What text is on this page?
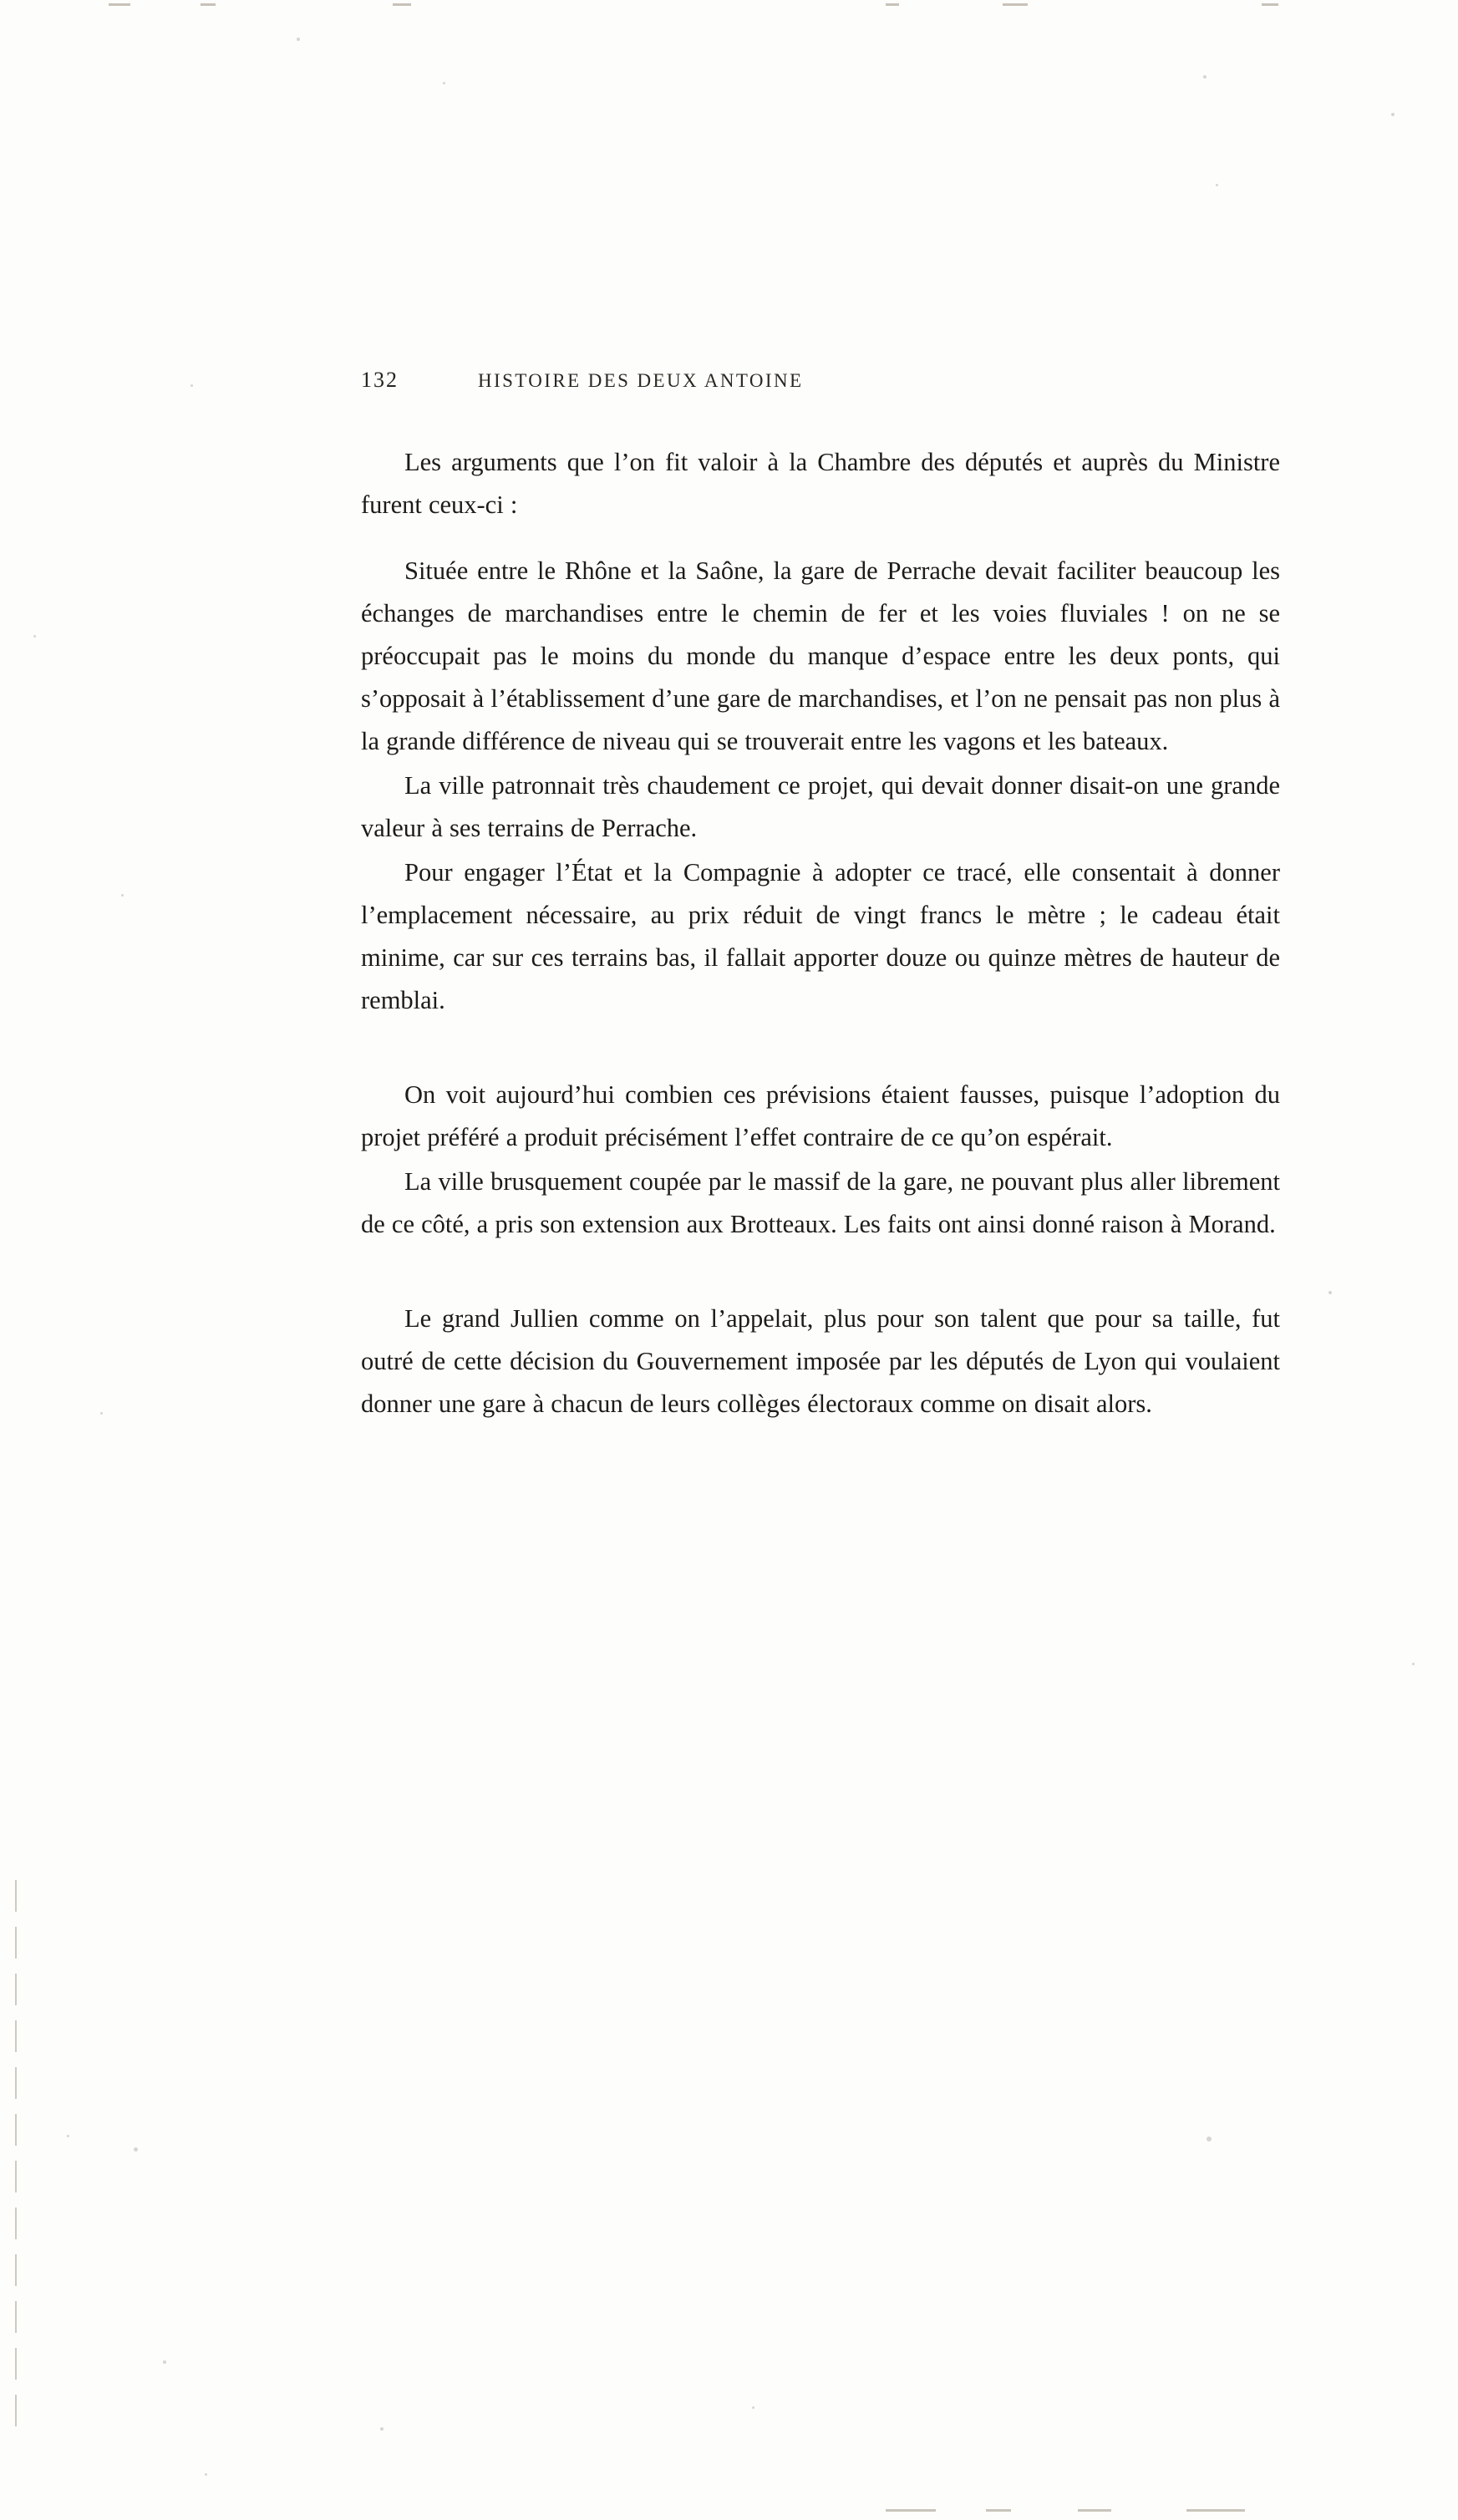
132	HISTOIRE DES DEUX ANTOINE

Les arguments que l’on fit valoir à la Chambre des députés et auprès du Ministre furent ceux-ci :

Située entre le Rhône et la Saône, la gare de Perrache devait faciliter beaucoup les échanges de marchandises entre le chemin de fer et les voies fluviales ! on ne se préoccupait pas le moins du monde du manque d’espace entre les deux ponts, qui s’opposait à l’établissement d’une gare de marchandises, et l’on ne pensait pas non plus à la grande différence de niveau qui se trouverait entre les vagons et les bateaux.

La ville patronnait très chaudement ce projet, qui devait donner disait-on une grande valeur à ses terrains de Perrache.

Pour engager l’État et la Compagnie à adopter ce tracé, elle consentait à donner l’emplacement nécessaire, au prix réduit de vingt francs le mètre ; le cadeau était minime, car sur ces terrains bas, il fallait apporter douze ou quinze mètres de hauteur de remblai.

On voit aujourd’hui combien ces prévisions étaient fausses, puisque l’adoption du projet préféré a produit précisément l’effet contraire de ce qu’on espérait.

La ville brusquement coupée par le massif de la gare, ne pouvant plus aller librement de ce côté, a pris son extension aux Brotteaux. Les faits ont ainsi donné raison à Morand.

Le grand Jullien comme on l’appelait, plus pour son talent que pour sa taille, fut outré de cette décision du Gouvernement imposée par les députés de Lyon qui voulaient donner une gare à chacun de leurs collèges électoraux comme on disait alors.
